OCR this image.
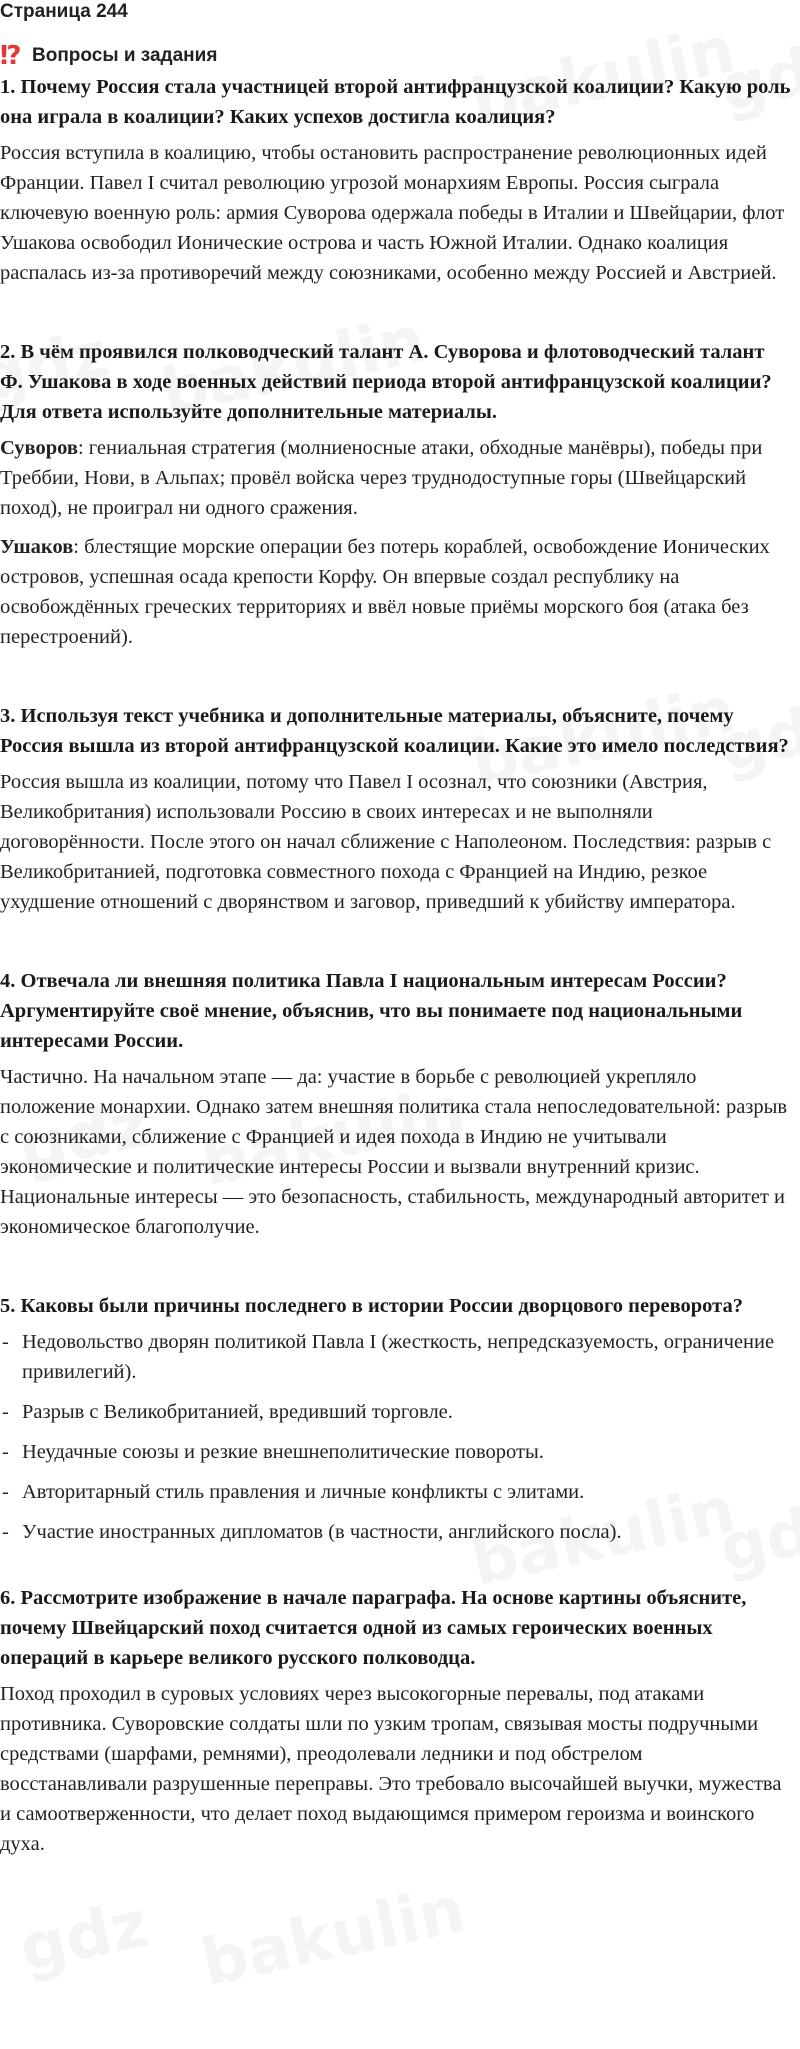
Страница 244
⁉ Вопросы и задания

1. Почему Россия стала участницей второй антифранцузской коалиции? Какую роль она играла в коалиции? Каких успехов достигла коалиция?

Россия вступила в коалицию, чтобы остановить распространение революционных идей Франции. Павел I считал революцию угрозой монархиям Европы. Россия сыграла ключевую военную роль: армия Суворова одержала победы в Италии и Швейцарии, флот Ушакова освободил Ионические острова и часть Южной Италии. Однако коалиция распалась из-за противоречий между союзниками, особенно между Россией и Австрией.

2. В чём проявился полководческий талант А. Суворова и флотоводческий талант Ф. Ушакова в ходе военных действий периода второй антифранцузской коалиции? Для ответа используйте дополнительные материалы.

Суворов: гениальная стратегия (молниеносные атаки, обходные манёвры), победы при Треббии, Нови, в Альпах; провёл войска через труднодоступные горы (Швейцарский поход), не проиграл ни одного сражения.

Ушаков: блестящие морские операции без потерь кораблей, освобождение Ионических островов, успешная осада крепости Корфу. Он впервые создал республику на освобождённых греческих территориях и ввёл новые приёмы морского боя (атака без перестроений).

3. Используя текст учебника и дополнительные материалы, объясните, почему Россия вышла из второй антифранцузской коалиции. Какие это имело последствия?

Россия вышла из коалиции, потому что Павел I осознал, что союзники (Австрия, Великобритания) использовали Россию в своих интересах и не выполняли договорённости. После этого он начал сближение с Наполеоном. Последствия: разрыв с Великобританией, подготовка совместного похода с Францией на Индию, резкое ухудшение отношений с дворянством и заговор, приведший к убийству императора.

4. Отвечала ли внешняя политика Павла I национальным интересам России? Аргументируйте своё мнение, объяснив, что вы понимаете под национальными интересами России.

Частично. На начальном этапе — да: участие в борьбе с революцией укрепляло положение монархии. Однако затем внешняя политика стала непоследовательной: разрыв с союзниками, сближение с Францией и идея похода в Индию не учитывали экономические и политические интересы России и вызвали внутренний кризис. Национальные интересы — это безопасность, стабильность, международный авторитет и экономическое благополучие.

5. Каковы были причины последнего в истории России дворцового переворота?

- Недовольство дворян политикой Павла I (жесткость, непредсказуемость, ограничение привилегий).
- Разрыв с Великобританией, вредивший торговле.
- Неудачные союзы и резкие внешнеполитические повороты.
- Авторитарный стиль правления и личные конфликты с элитами.
- Участие иностранных дипломатов (в частности, английского посла).

6. Рассмотрите изображение в начале параграфа. На основе картины объясните, почему Швейцарский поход считается одной из самых героических военных операций в карьере великого русского полководца.

Поход проходил в суровых условиях через высокогорные перевалы, под атаками противника. Суворовские солдаты шли по узким тропам, связывая мосты подручными средствами (шарфами, ремнями), преодолевали ледники и под обстрелом восстанавливали разрушенные переправы. Это требовало высочайшей выучки, мужества и самоотверженности, что делает поход выдающимся примером героизма и воинского духа.
